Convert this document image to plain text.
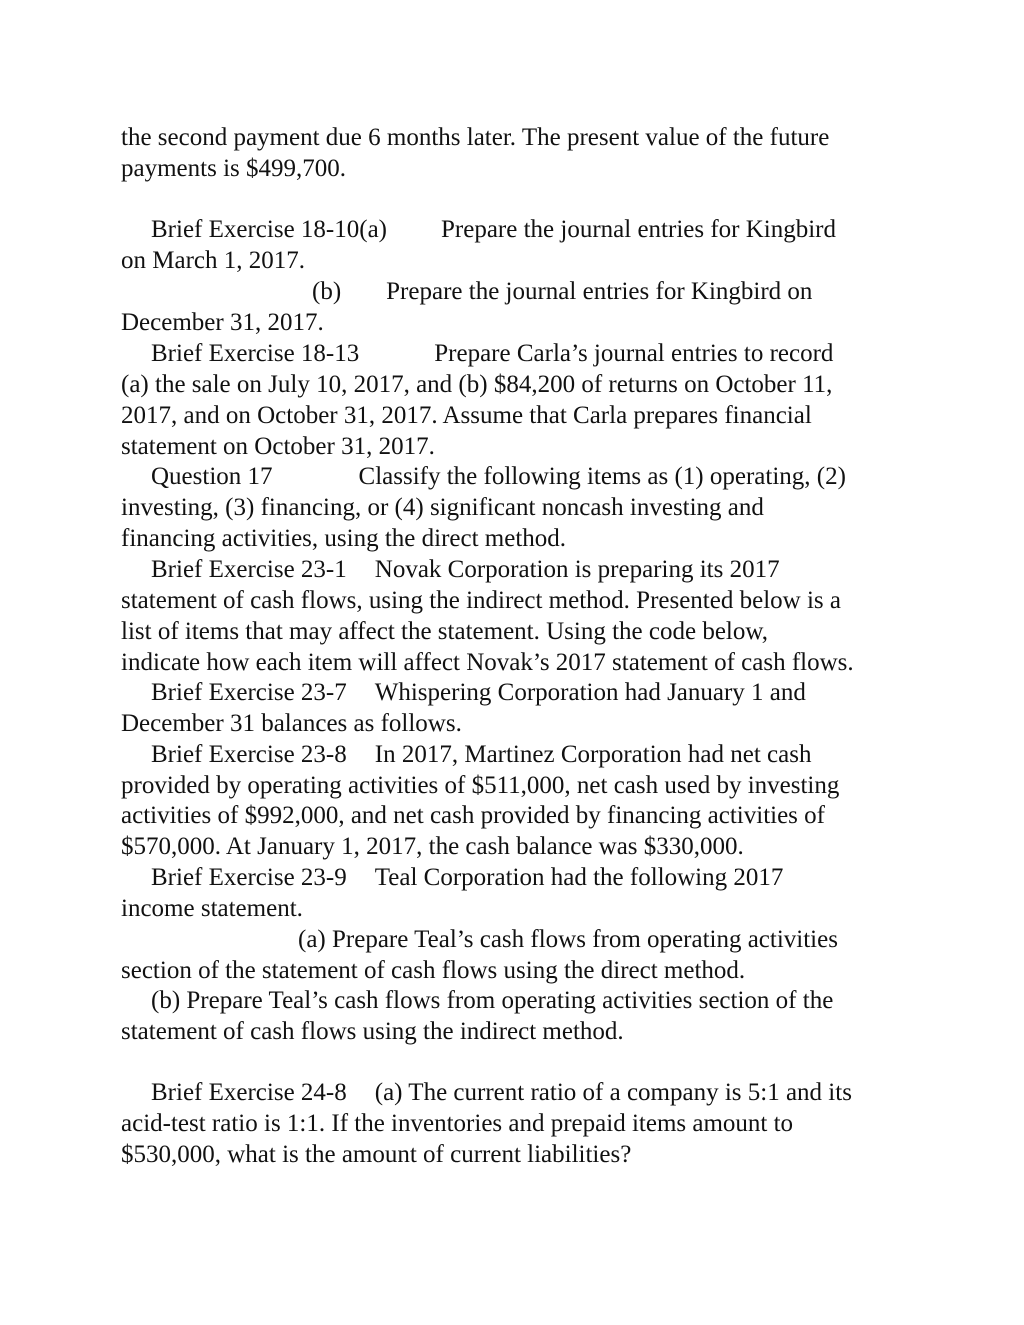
the second payment due 6 months later. The present value of the future
payments is $499,700.
Brief Exercise 18-10(a) Prepare the journal entries for Kingbird
on March 1, 2017.
(b) Prepare the journal entries for Kingbird on
December 31, 2017.
Brief Exercise 18-13	Prepare Carla’s journal entries to record
(a) the sale on July 10, 2017, and (b) $84,200 of returns on October 11,
2017, and on October 31, 2017. Assume that Carla prepares financial
statement on October 31, 2017.
Question 17	Classify the following items as (1) operating, (2)
investing, (3) financing, or (4) significant noncash investing and
financing activities, using the direct method.
Brief Exercise 23-1 Novak Corporation is preparing its 2017
statement of cash flows, using the indirect method. Presented below is a
list of items that may affect the statement. Using the code below,
indicate how each item will affect Novak’s 2017 statement of cash flows.
Brief Exercise 23-7 Whispering Corporation had January 1 and
December 31 balances as follows.
Brief Exercise 23-8 In 2017, Martinez Corporation had net cash
provided by operating activities of $511,000, net cash used by investing
activities of $992,000, and net cash provided by financing activities of
$570,000. At January 1, 2017, the cash balance was $330,000.
Brief Exercise 23-9 Teal Corporation had the following 2017
income statement.
(a) Prepare Teal’s cash flows from operating activities
section of the statement of cash flows using the direct method.
(b) Prepare Teal’s cash flows from operating activities section of the
statement of cash flows using the indirect method.
Brief Exercise 24-8 (a) The current ratio of a company is 5:1 and its
acid-test ratio is 1:1. If the inventories and prepaid items amount to
$530,000, what is the amount of current liabilities?
